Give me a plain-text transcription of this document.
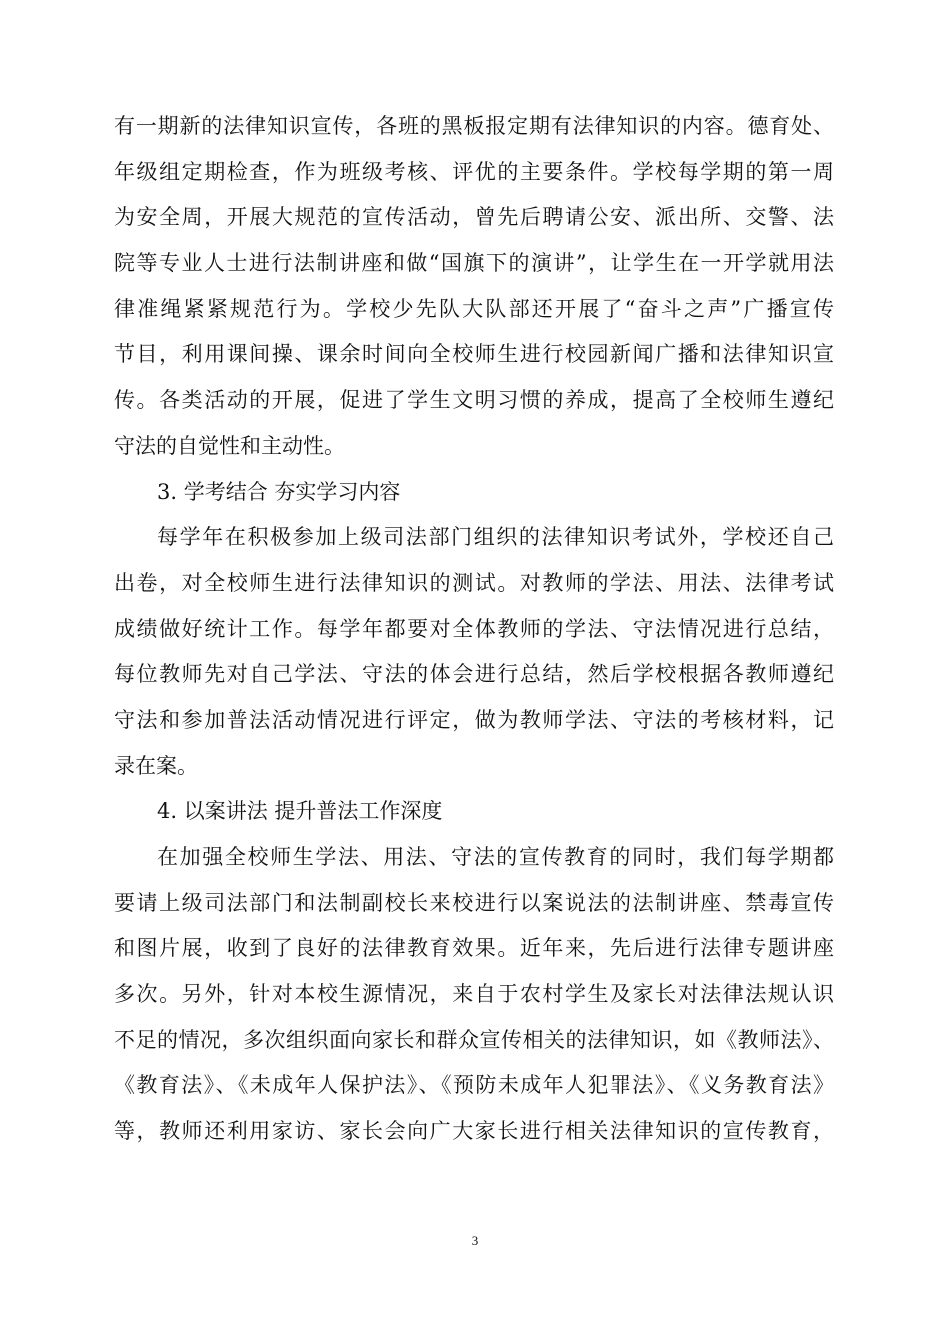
有一期新的法律知识宣传，各班的黑板报定期有法律知识的内容。德育处、
年级组定期检查，作为班级考核、评优的主要条件。学校每学期的第一周
为安全周，开展大规范的宣传活动，曾先后聘请公安、派出所、交警、法
院等专业人士进行法制讲座和做“国旗下的演讲”，让学生在一开学就用法
律准绳紧紧规范行为。学校少先队大队部还开展了“奋斗之声”广播宣传
节目，利用课间操、课余时间向全校师生进行校园新闻广播和法律知识宣
传。各类活动的开展，促进了学生文明习惯的养成，提高了全校师生遵纪
守法的自觉性和主动性。
3. 学考结合 夯实学习内容
每学年在积极参加上级司法部门组织的法律知识考试外，学校还自己
出卷，对全校师生进行法律知识的测试。对教师的学法、用法、法律考试
成绩做好统计工作。每学年都要对全体教师的学法、守法情况进行总结，
每位教师先对自己学法、守法的体会进行总结，然后学校根据各教师遵纪
守法和参加普法活动情况进行评定，做为教师学法、守法的考核材料，记
录在案。
4. 以案讲法 提升普法工作深度
在加强全校师生学法、用法、守法的宣传教育的同时，我们每学期都
要请上级司法部门和法制副校长来校进行以案说法的法制讲座、禁毒宣传
和图片展，收到了良好的法律教育效果。近年来，先后进行法律专题讲座
多次。另外，针对本校生源情况，来自于农村学生及家长对法律法规认识
不足的情况，多次组织面向家长和群众宣传相关的法律知识，如《教师法》、
《教育法》、《未成年人保护法》、《预防未成年人犯罪法》、《义务教育法》
等，教师还利用家访、家长会向广大家长进行相关法律知识的宣传教育，
3
